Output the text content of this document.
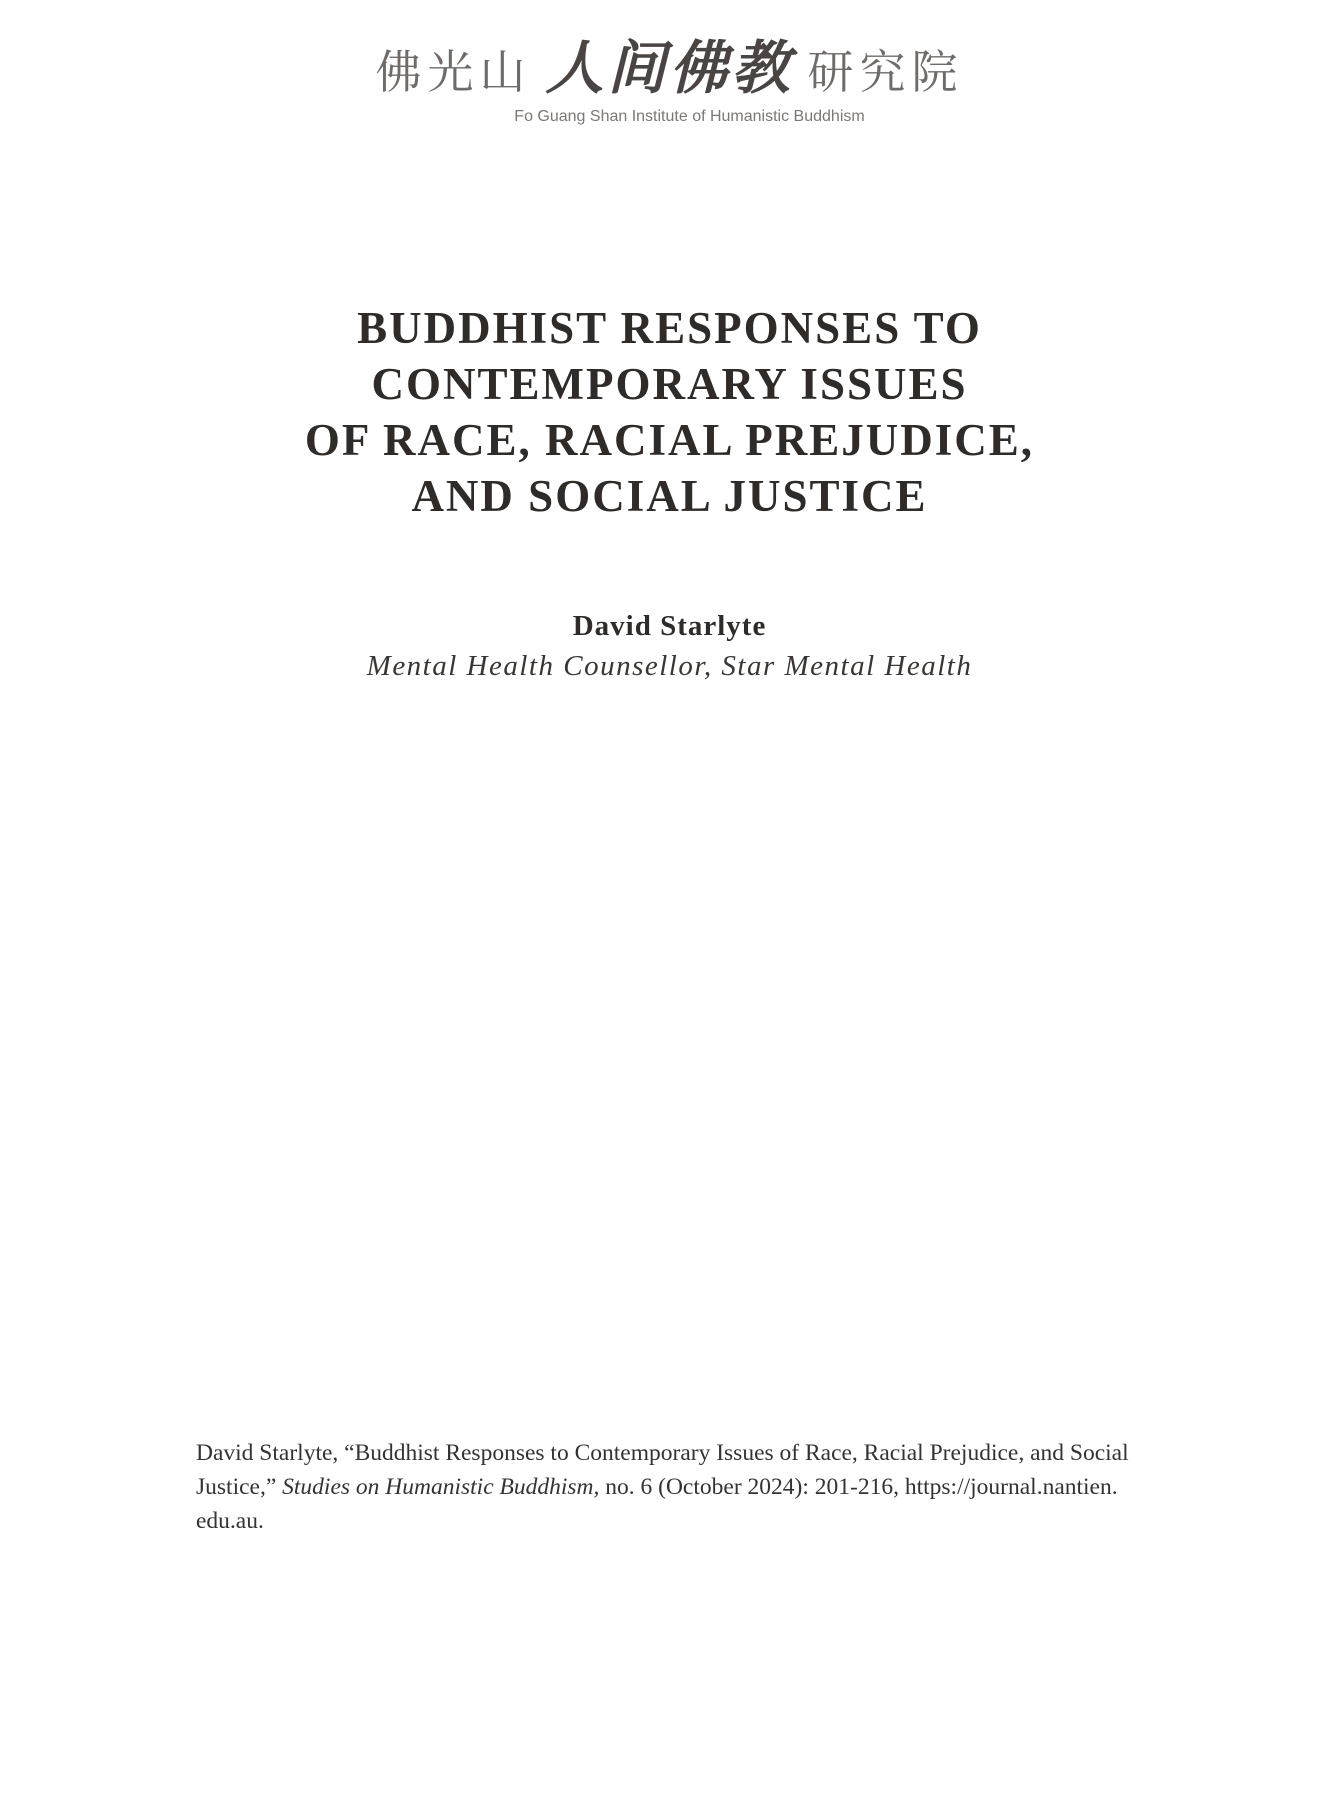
佛光山 人间佛教 研究院
Fo Guang Shan Institute of Humanistic Buddhism
BUDDHIST RESPONSES TO
CONTEMPORARY ISSUES
OF RACE, RACIAL PREJUDICE,
AND SOCIAL JUSTICE
David Starlyte
Mental Health Counsellor, Star Mental Health
David Starlyte, “Buddhist Responses to Contemporary Issues of Race, Racial Prejudice, and Social Justice,” Studies on Humanistic Buddhism, no. 6 (October 2024): 201-216, https://journal.nantien. edu.au.
